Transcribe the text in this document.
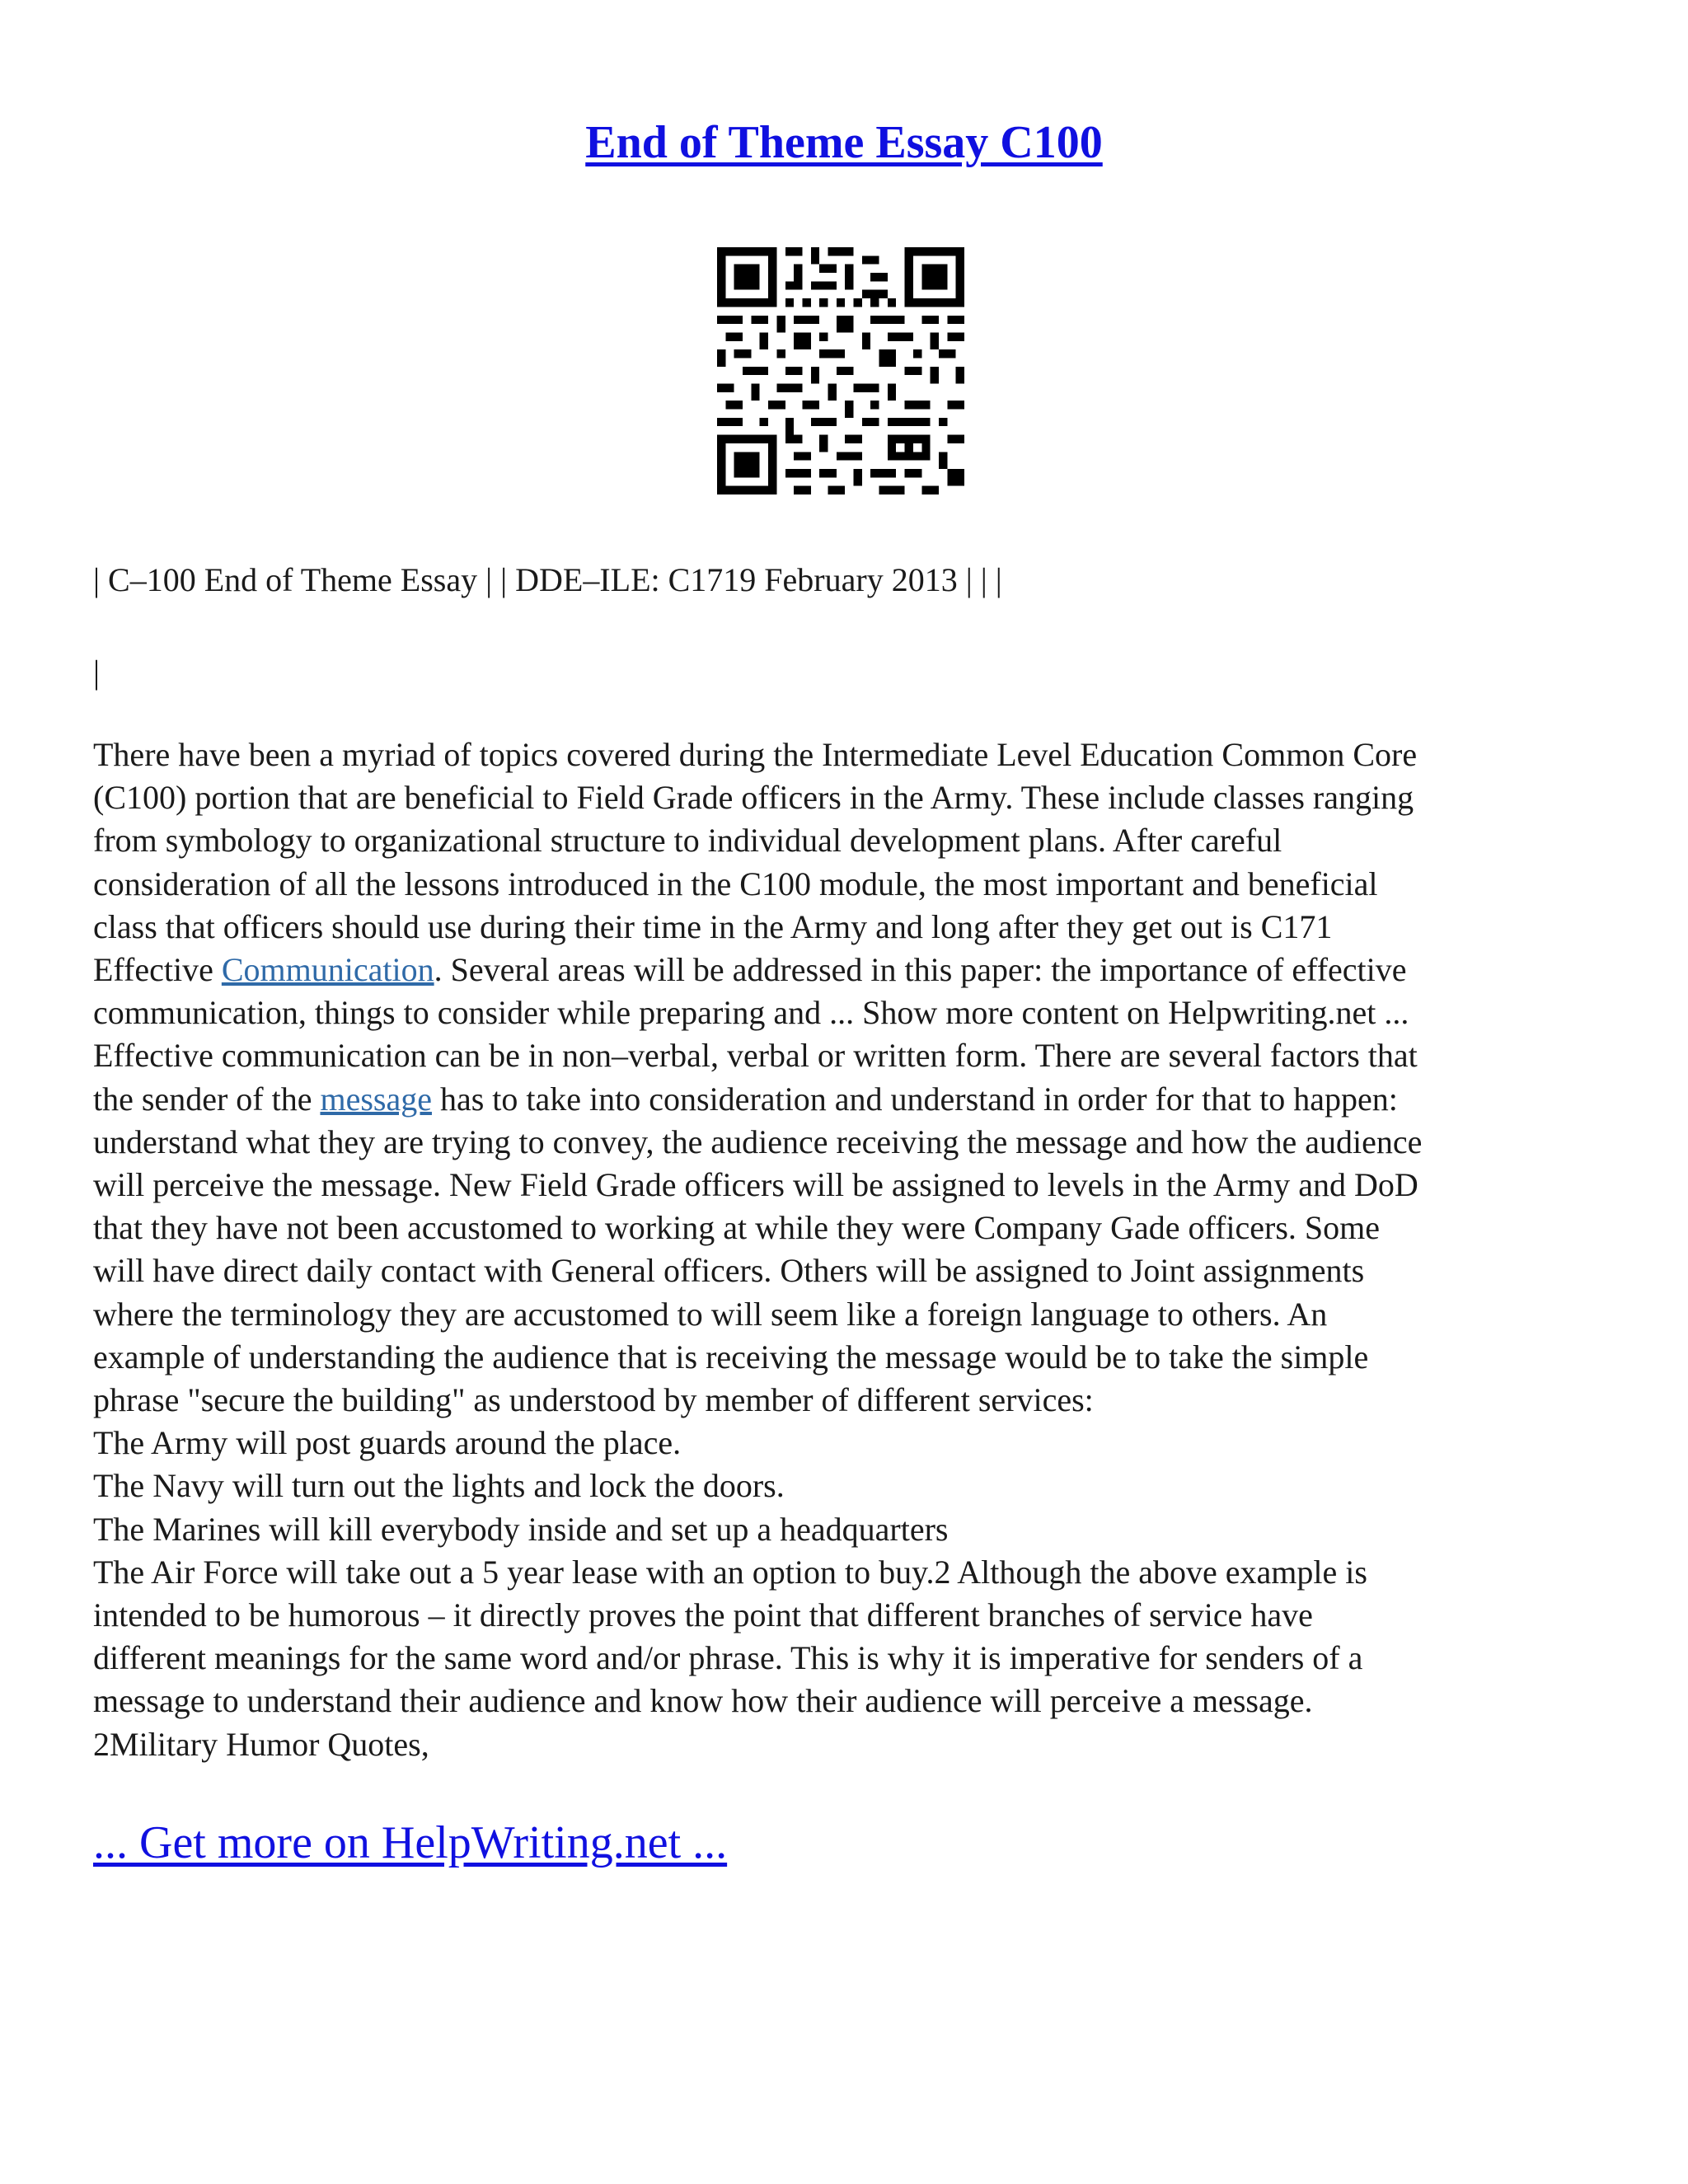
End of Theme Essay C100
| C–100 End of Theme Essay | | DDE–ILE: C1719 February 2013 | | |
|
There have been a myriad of topics covered during the Intermediate Level Education Common Core
(C100) portion that are beneficial to Field Grade officers in the Army. These include classes ranging
from symbology to organizational structure to individual development plans. After careful
consideration of all the lessons introduced in the C100 module, the most important and beneficial
class that officers should use during their time in the Army and long after they get out is C171
Effective Communication. Several areas will be addressed in this paper: the importance of effective
communication, things to consider while preparing and ... Show more content on Helpwriting.net ...
Effective communication can be in non–verbal, verbal or written form. There are several factors that
the sender of the message has to take into consideration and understand in order for that to happen:
understand what they are trying to convey, the audience receiving the message and how the audience
will perceive the message. New Field Grade officers will be assigned to levels in the Army and DoD
that they have not been accustomed to working at while they were Company Gade officers. Some
will have direct daily contact with General officers. Others will be assigned to Joint assignments
where the terminology they are accustomed to will seem like a foreign language to others. An
example of understanding the audience that is receiving the message would be to take the simple
phrase "secure the building" as understood by member of different services:
The Army will post guards around the place.
The Navy will turn out the lights and lock the doors.
The Marines will kill everybody inside and set up a headquarters
The Air Force will take out a 5 year lease with an option to buy.2 Although the above example is
intended to be humorous – it directly proves the point that different branches of service have
different meanings for the same word and/or phrase. This is why it is imperative for senders of a
message to understand their audience and know how their audience will perceive a message.
2Military Humor Quotes,
... Get more on HelpWriting.net ...
